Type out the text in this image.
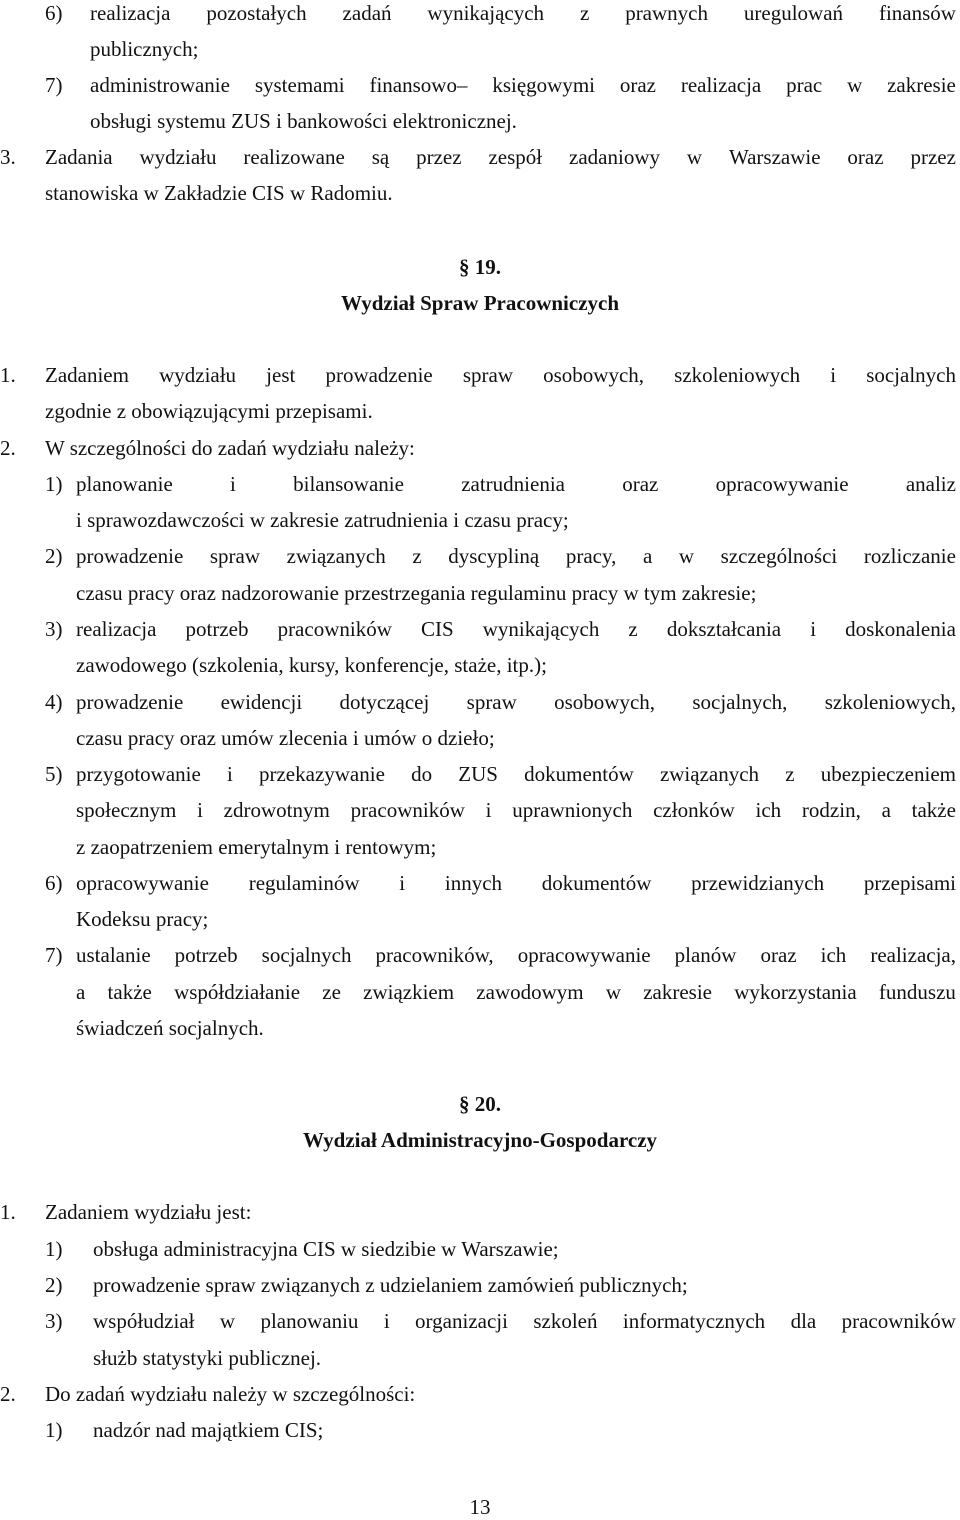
6) realizacja pozostałych zadań wynikających z prawnych uregulowań finansów
publicznych;
7) administrowanie systemami finansowo– księgowymi oraz realizacja prac w zakresie
obsługi systemu ZUS i bankowości elektronicznej.
3. Zadania wydziału realizowane są przez zespół zadaniowy w Warszawie oraz przez
stanowiska w Zakładzie CIS w Radomiu.
§ 19.
Wydział Spraw Pracowniczych
1. Zadaniem wydziału jest prowadzenie spraw osobowych, szkoleniowych i socjalnych
zgodnie z obowiązującymi przepisami.
2. W szczególności do zadań wydziału należy:
1) planowanie	i	bilansowanie	zatrudnienia	oraz	opracowywanie	analiz
i sprawozdawczości w zakresie zatrudnienia i czasu pracy;
2) prowadzenie spraw związanych z dyscypliną pracy, a w szczególności rozliczanie
czasu pracy oraz nadzorowanie przestrzegania regulaminu pracy w tym zakresie;
3) realizacja potrzeb pracowników CIS wynikających z dokształcania i doskonalenia
zawodowego (szkolenia, kursy, konferencje, staże, itp.);
4) prowadzenie ewidencji dotyczącej spraw osobowych, socjalnych, szkoleniowych,
czasu pracy oraz umów zlecenia i umów o dzieło;
5) przygotowanie i przekazywanie do ZUS dokumentów związanych z ubezpieczeniem
społecznym i zdrowotnym pracowników i uprawnionych członków ich rodzin, a także
z zaopatrzeniem emerytalnym i rentowym;
6) opracowywanie regulaminów i innych dokumentów przewidzianych przepisami
Kodeksu pracy;
7) ustalanie potrzeb socjalnych pracowników, opracowywanie planów oraz ich realizacja,
a także współdziałanie ze związkiem zawodowym w zakresie wykorzystania funduszu
świadczeń socjalnych.
§ 20.
Wydział Administracyjno-Gospodarczy
1. Zadaniem wydziału jest:
1) obsługa administracyjna CIS w siedzibie w Warszawie;
2) prowadzenie spraw związanych z udzielaniem zamówień publicznych;
3) współudział w planowaniu i organizacji szkoleń informatycznych dla pracowników
służb statystyki publicznej.
2. Do zadań wydziału należy w szczególności:
1) nadzór nad majątkiem CIS;
13
